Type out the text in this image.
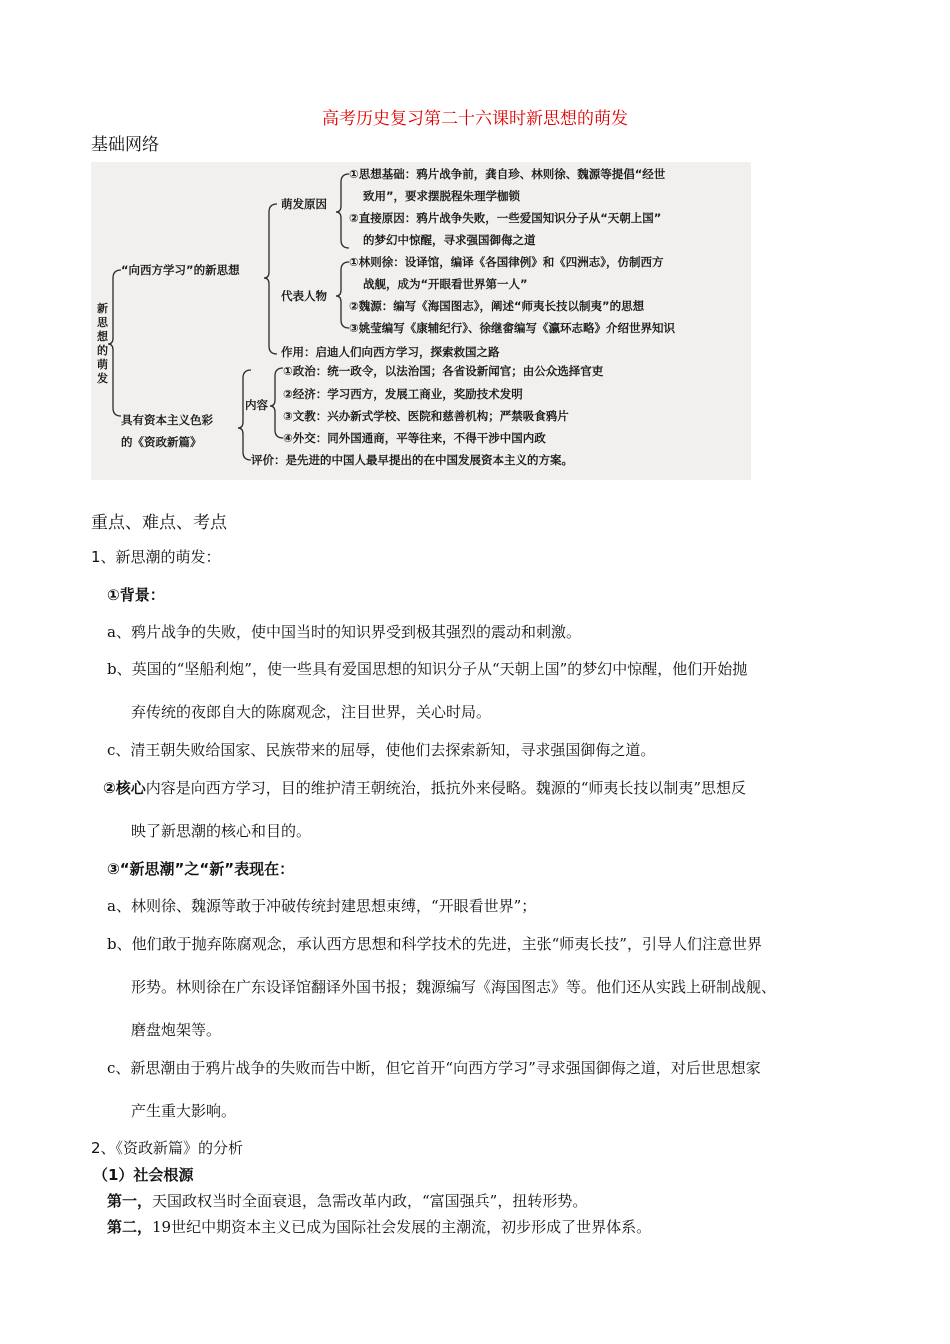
高考历史复习第二十六课时新思想的萌发
基础网络
新
思
想
的
萌
发
“向西方学习”的新思想
萌发原因
①思想基础：鸦片战争前，龚自珍、林则徐、魏源等提倡“经世
致用”，要求摆脱程朱理学枷锁
②直接原因：鸦片战争失败，一些爱国知识分子从“天朝上国”
的梦幻中惊醒，寻求强国御侮之道
代表人物
①林则徐：设译馆，编译《各国律例》和《四洲志》，仿制西方
战舰，成为“开眼看世界第一人”
②魏源：编写《海国图志》，阐述“师夷长技以制夷”的思想
③姚莹编写《康辅纪行》、徐继畲编写《瀛环志略》介绍世界知识
作用：启迪人们向西方学习，探索救国之路
具有资本主义色彩
的《资政新篇》
内容
①政治：统一政令，以法治国；各省设新闻官；由公众选择官吏
②经济：学习西方，发展工商业，奖励技术发明
③文教：兴办新式学校、医院和慈善机构；严禁吸食鸦片
④外交：同外国通商，平等往来，不得干涉中国内政
评价：是先进的中国人最早提出的在中国发展资本主义的方案。
重点、难点、考点
1、新思潮的萌发：
①背景：
a、鸦片战争的失败，使中国当时的知识界受到极其强烈的震动和刺激。
b、英国的“坚船利炮”，使一些具有爱国思想的知识分子从“天朝上国”的梦幻中惊醒，他们开始抛
弃传统的夜郎自大的陈腐观念，注目世界，关心时局。
c、清王朝失败给国家、民族带来的屈辱，使他们去探索新知，寻求强国御侮之道。
②核心内容是向西方学习，目的维护清王朝统治，抵抗外来侵略。魏源的“师夷长技以制夷”思想反
映了新思潮的核心和目的。
③“新思潮”之“新”表现在：
a、林则徐、魏源等敢于冲破传统封建思想束缚，“开眼看世界”；
b、他们敢于抛弃陈腐观念，承认西方思想和科学技术的先进，主张“师夷长技”，引导人们注意世界
形势。林则徐在广东设译馆翻译外国书报；魏源编写《海国图志》等。他们还从实践上研制战舰、
磨盘炮架等。
c、新思潮由于鸦片战争的失败而告中断，但它首开“向西方学习”寻求强国御侮之道，对后世思想家
产生重大影响。
2、《资政新篇》的分析
（1）社会根源
第一，天国政权当时全面衰退，急需改革内政，“富国强兵”，扭转形势。
第二，19世纪中期资本主义已成为国际社会发展的主潮流，初步形成了世界体系。
